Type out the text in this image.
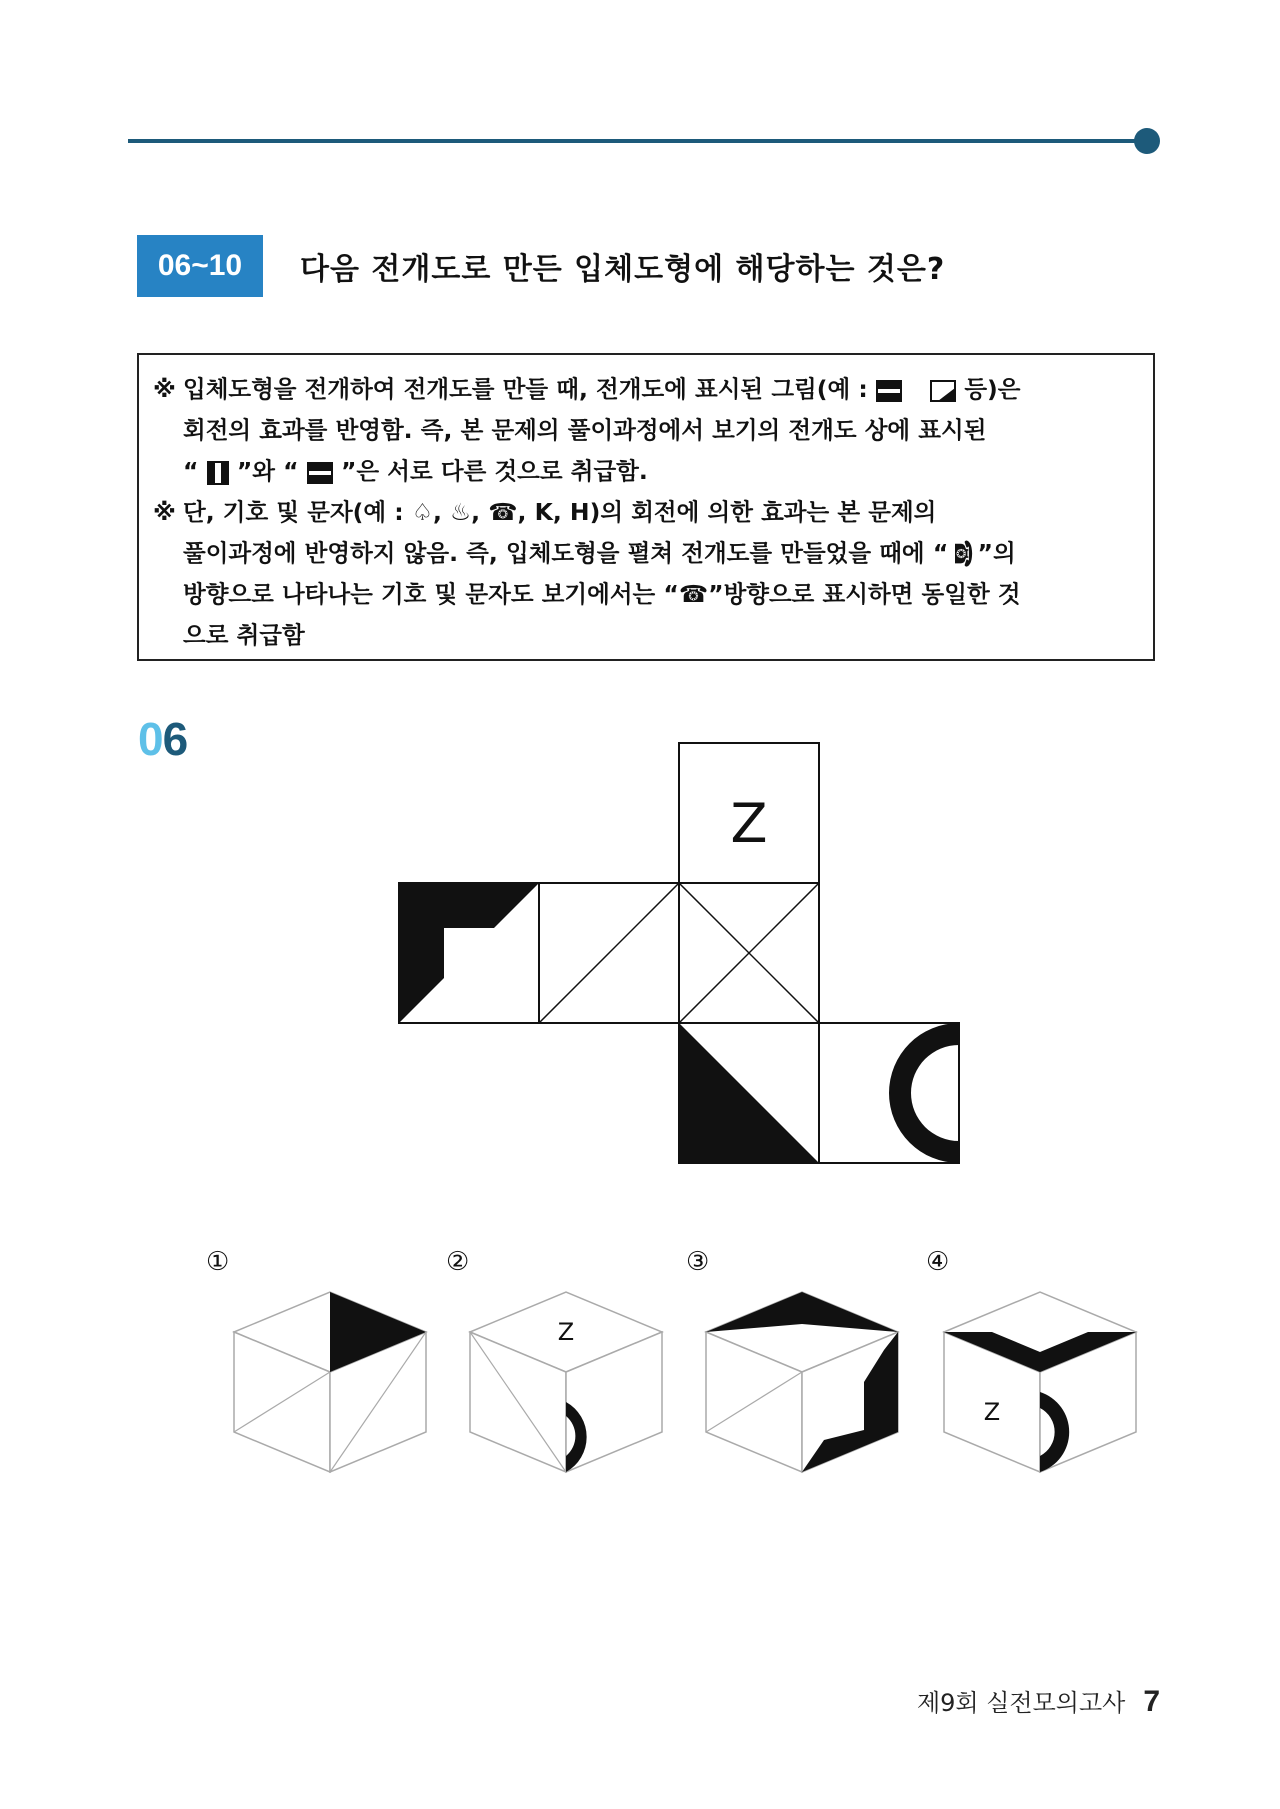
06~10	다음 전개도로 만든 입체도형에 해당하는 것은?
※ 입체도형을 전개하여 전개도를 만들 때, 전개도에 표시된 그림(예 :	등)은
회전의 효과를 반영함. 즉, 본 문제의 풀이과정에서 보기의 전개도 상에 표시된
“  ”와 “  ”은 서로 다른 것으로 취급함.
※ 단, 기호 및 문자(예 : ♤, ♨, ☎, K, H)의 회전에 의한 효과는 본 문제의
풀이과정에 반영하지 않음. 즉, 입체도형을 펼쳐 전개도를 만들었을 때에 “☎”의
방향으로 나타나는 기호 및 문자도 보기에서는 “☎”방향으로 표시하면 동일한 것
으로 취급함
06
Z
①	②	③	④
Z
Z
제9회 실전모의고사 7
